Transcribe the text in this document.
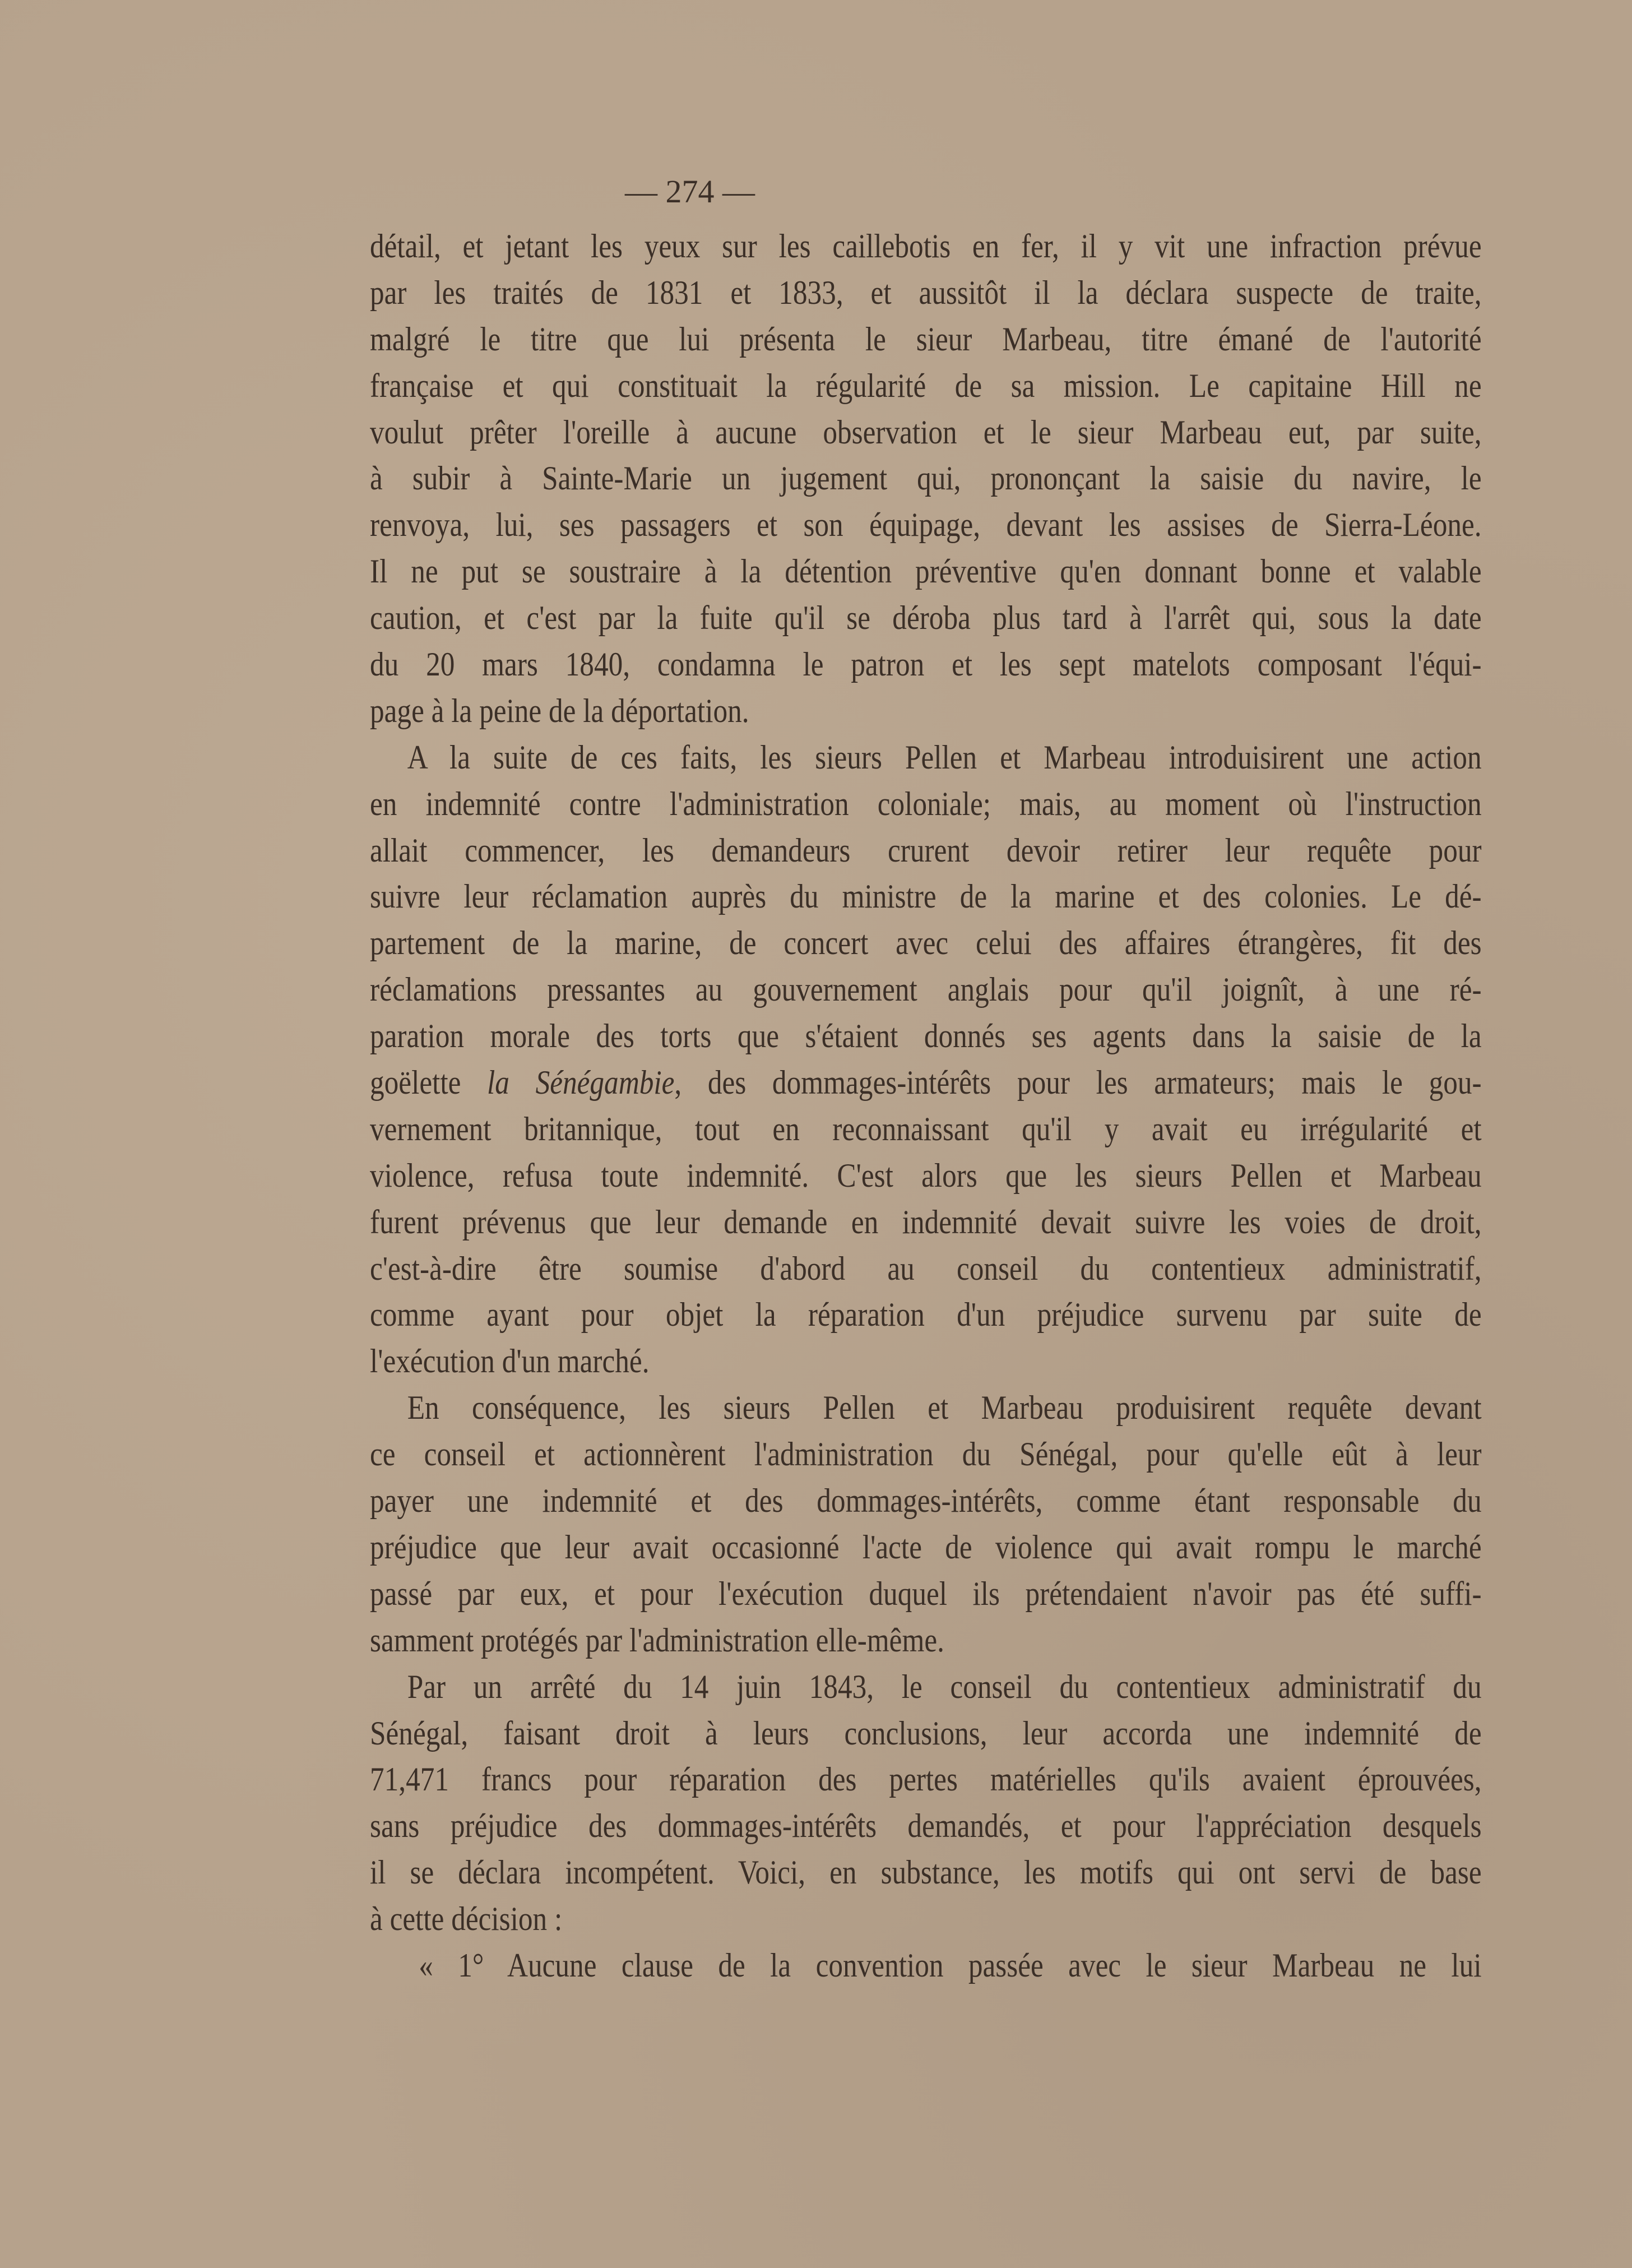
— 274 —
détail, et jetant les yeux sur les caillebotis en fer, il y vit une infraction prévue
par les traités de 1831 et 1833, et aussitôt il la déclara suspecte de traite,
malgré le titre que lui présenta le sieur Marbeau, titre émané de l'autorité
française et qui constituait la régularité de sa mission. Le capitaine Hill ne
voulut prêter l'oreille à aucune observation et le sieur Marbeau eut, par suite,
à subir à Sainte-Marie un jugement qui, prononçant la saisie du navire, le
renvoya, lui, ses passagers et son équipage, devant les assises de Sierra-Léone.
Il ne put se soustraire à la détention préventive qu'en donnant bonne et valable
caution, et c'est par la fuite qu'il se déroba plus tard à l'arrêt qui, sous la date
du 20 mars 1840, condamna le patron et les sept matelots composant l'équi-
page à la peine de la déportation.
A la suite de ces faits, les sieurs Pellen et Marbeau introduisirent une action
en indemnité contre l'administration coloniale; mais, au moment où l'instruction
allait commencer, les demandeurs crurent devoir retirer leur requête pour
suivre leur réclamation auprès du ministre de la marine et des colonies. Le dé-
partement de la marine, de concert avec celui des affaires étrangères, fit des
réclamations pressantes au gouvernement anglais pour qu'il joignît, à une ré-
paration morale des torts que s'étaient donnés ses agents dans la saisie de la
goëlette la Sénégambie, des dommages-intérêts pour les armateurs; mais le gou-
vernement britannique, tout en reconnaissant qu'il y avait eu irrégularité et
violence, refusa toute indemnité. C'est alors que les sieurs Pellen et Marbeau
furent prévenus que leur demande en indemnité devait suivre les voies de droit,
c'est-à-dire être soumise d'abord au conseil du contentieux administratif,
comme ayant pour objet la réparation d'un préjudice survenu par suite de
l'exécution d'un marché.
En conséquence, les sieurs Pellen et Marbeau produisirent requête devant
ce conseil et actionnèrent l'administration du Sénégal, pour qu'elle eût à leur
payer une indemnité et des dommages-intérêts, comme étant responsable du
préjudice que leur avait occasionné l'acte de violence qui avait rompu le marché
passé par eux, et pour l'exécution duquel ils prétendaient n'avoir pas été suffi-
samment protégés par l'administration elle-même.
Par un arrêté du 14 juin 1843, le conseil du contentieux administratif du
Sénégal, faisant droit à leurs conclusions, leur accorda une indemnité de
71,471 francs pour réparation des pertes matérielles qu'ils avaient éprouvées,
sans préjudice des dommages-intérêts demandés, et pour l'appréciation desquels
il se déclara incompétent. Voici, en substance, les motifs qui ont servi de base
à cette décision :
« 1° Aucune clause de la convention passée avec le sieur Marbeau ne lui
